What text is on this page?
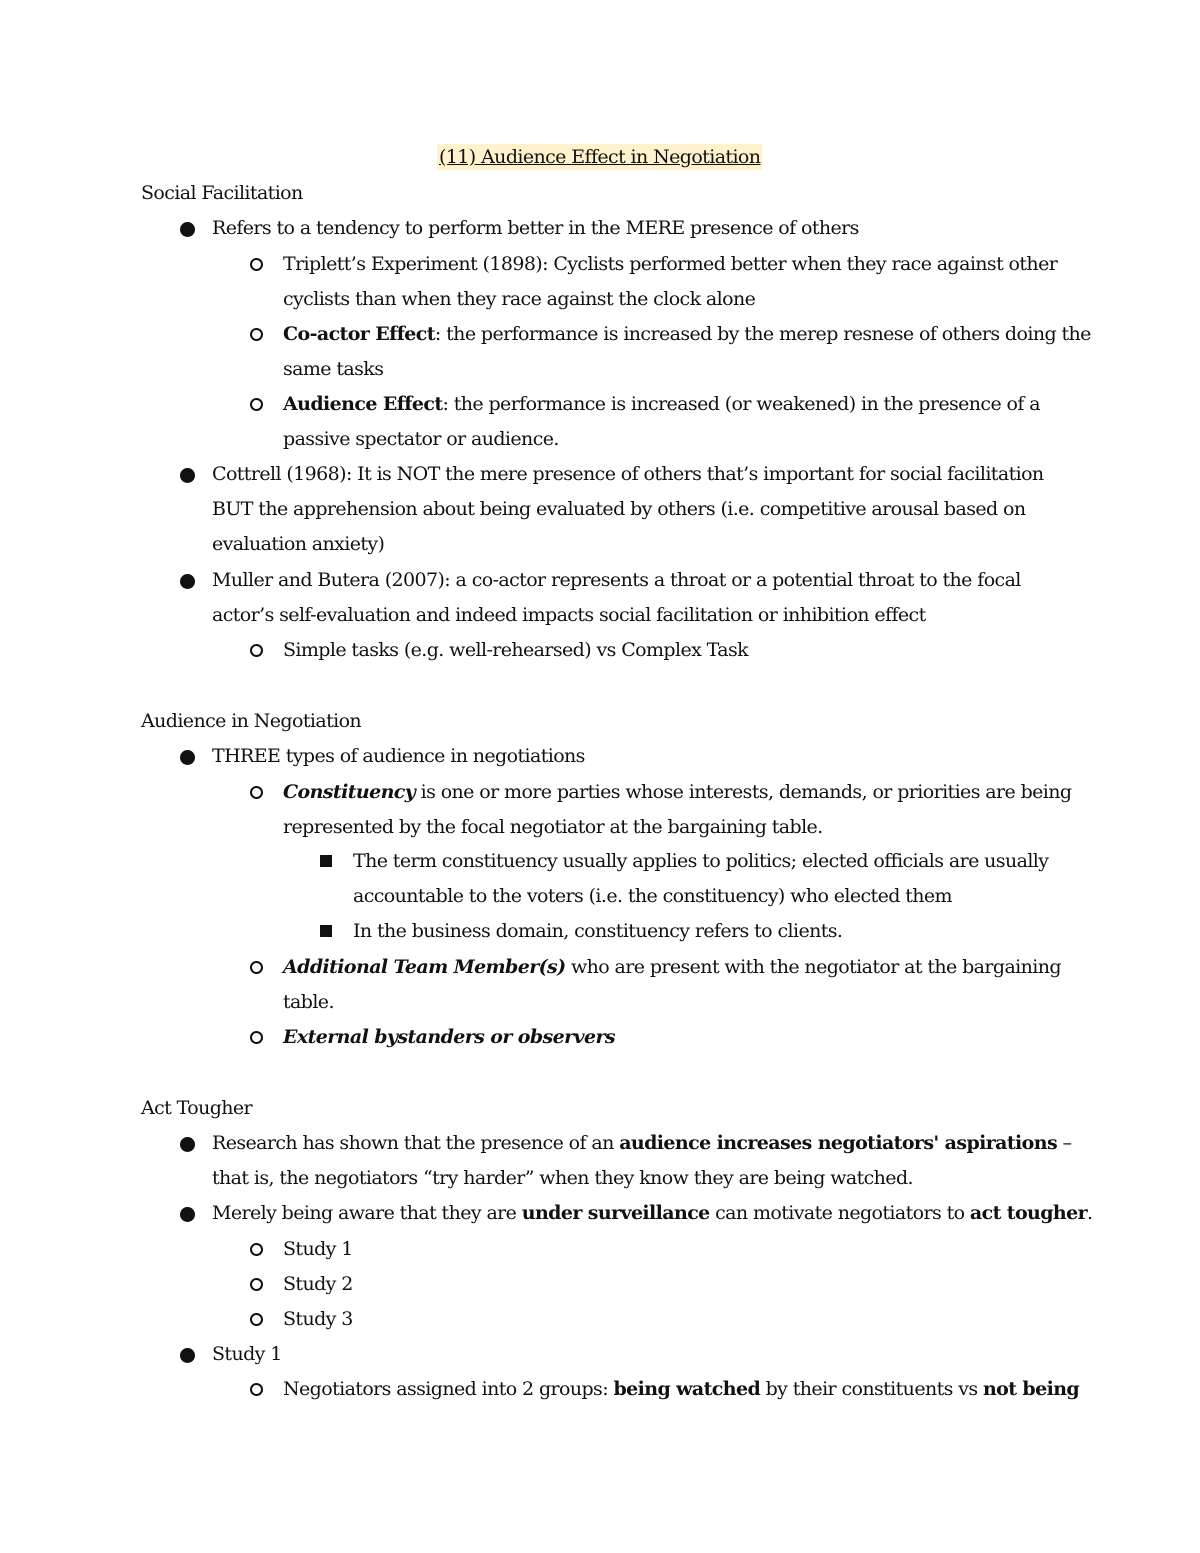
(11) Audience Effect in Negotiation
Social Facilitation
Refers to a tendency to perform better in the MERE presence of others
Triplett’s Experiment (1898): Cyclists performed better when they race against other
cyclists than when they race against the clock alone
Co-actor Effect: the performance is increased by the merep resnese of others doing the
same tasks
Audience Effect: the performance is increased (or weakened) in the presence of a
passive spectator or audience.
Cottrell (1968): It is NOT the mere presence of others that’s important for social facilitation
BUT the apprehension about being evaluated by others (i.e. competitive arousal based on
evaluation anxiety)
Muller and Butera (2007): a co-actor represents a throat or a potential throat to the focal
actor’s self-evaluation and indeed impacts social facilitation or inhibition effect
Simple tasks (e.g. well-rehearsed) vs Complex Task
Audience in Negotiation
THREE types of audience in negotiations
Constituency is one or more parties whose interests, demands, or priorities are being
represented by the focal negotiator at the bargaining table.
The term constituency usually applies to politics; elected officials are usually
accountable to the voters (i.e. the constituency) who elected them
In the business domain, constituency refers to clients.
Additional Team Member(s) who are present with the negotiator at the bargaining
table.
External bystanders or observers
Act Tougher
Research has shown that the presence of an audience increases negotiators' aspirations –
that is, the negotiators “try harder” when they know they are being watched.
Merely being aware that they are under surveillance can motivate negotiators to act tougher.
Study 1
Study 2
Study 3
Study 1
Negotiators assigned into 2 groups: being watched by their constituents vs not being
